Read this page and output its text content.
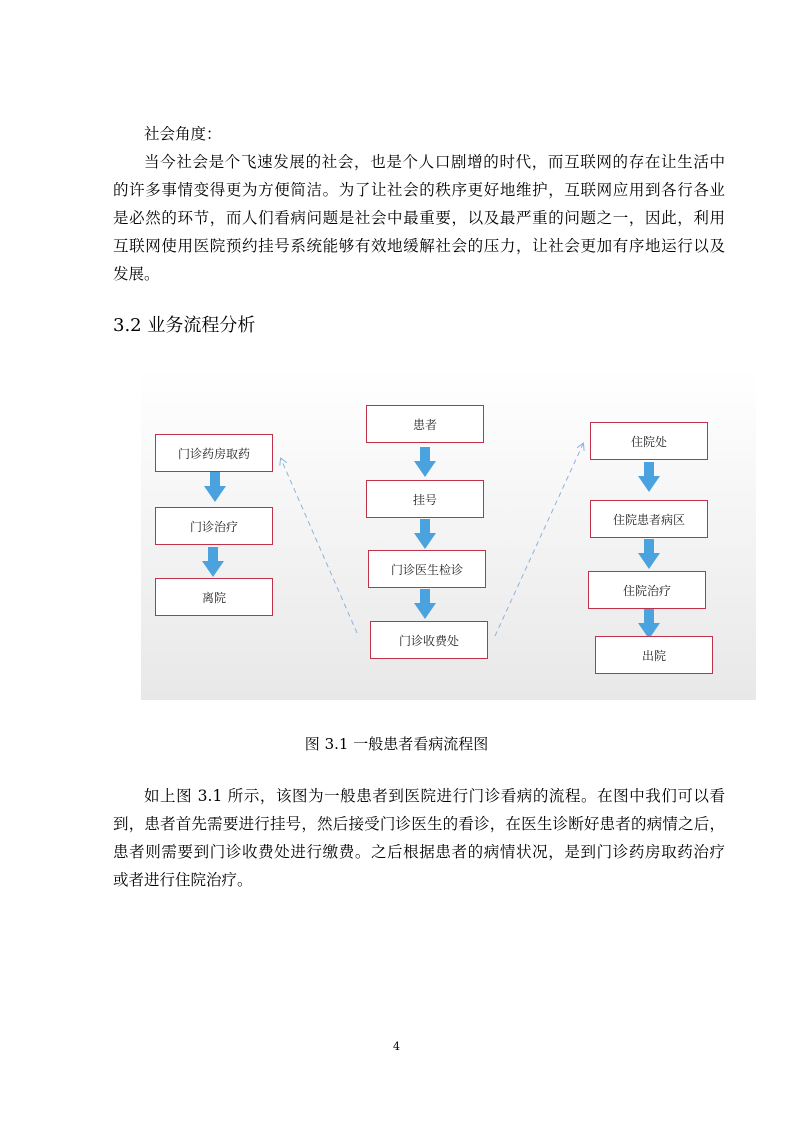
社会角度：
当今社会是个飞速发展的社会，也是个人口剧增的时代，而互联网的存在让生活中
的许多事情变得更为方便简洁。为了让社会的秩序更好地维护，互联网应用到各行各业
是必然的环节，而人们看病问题是社会中最重要，以及最严重的问题之一，因此，利用
互联网使用医院预约挂号系统能够有效地缓解社会的压力，让社会更加有序地运行以及
发展。
3.2 业务流程分析
门诊药房取药
门诊治疗
离院
患者
挂号
门诊医生检诊
门诊收费处
住院处
住院患者病区
住院治疗
出院
图 3.1 一般患者看病流程图
如上图 3.1 所示，该图为一般患者到医院进行门诊看病的流程。在图中我们可以看
到，患者首先需要进行挂号，然后接受门诊医生的看诊，在医生诊断好患者的病情之后，
患者则需要到门诊收费处进行缴费。之后根据患者的病情状况，是到门诊药房取药治疗
或者进行住院治疗。
4
